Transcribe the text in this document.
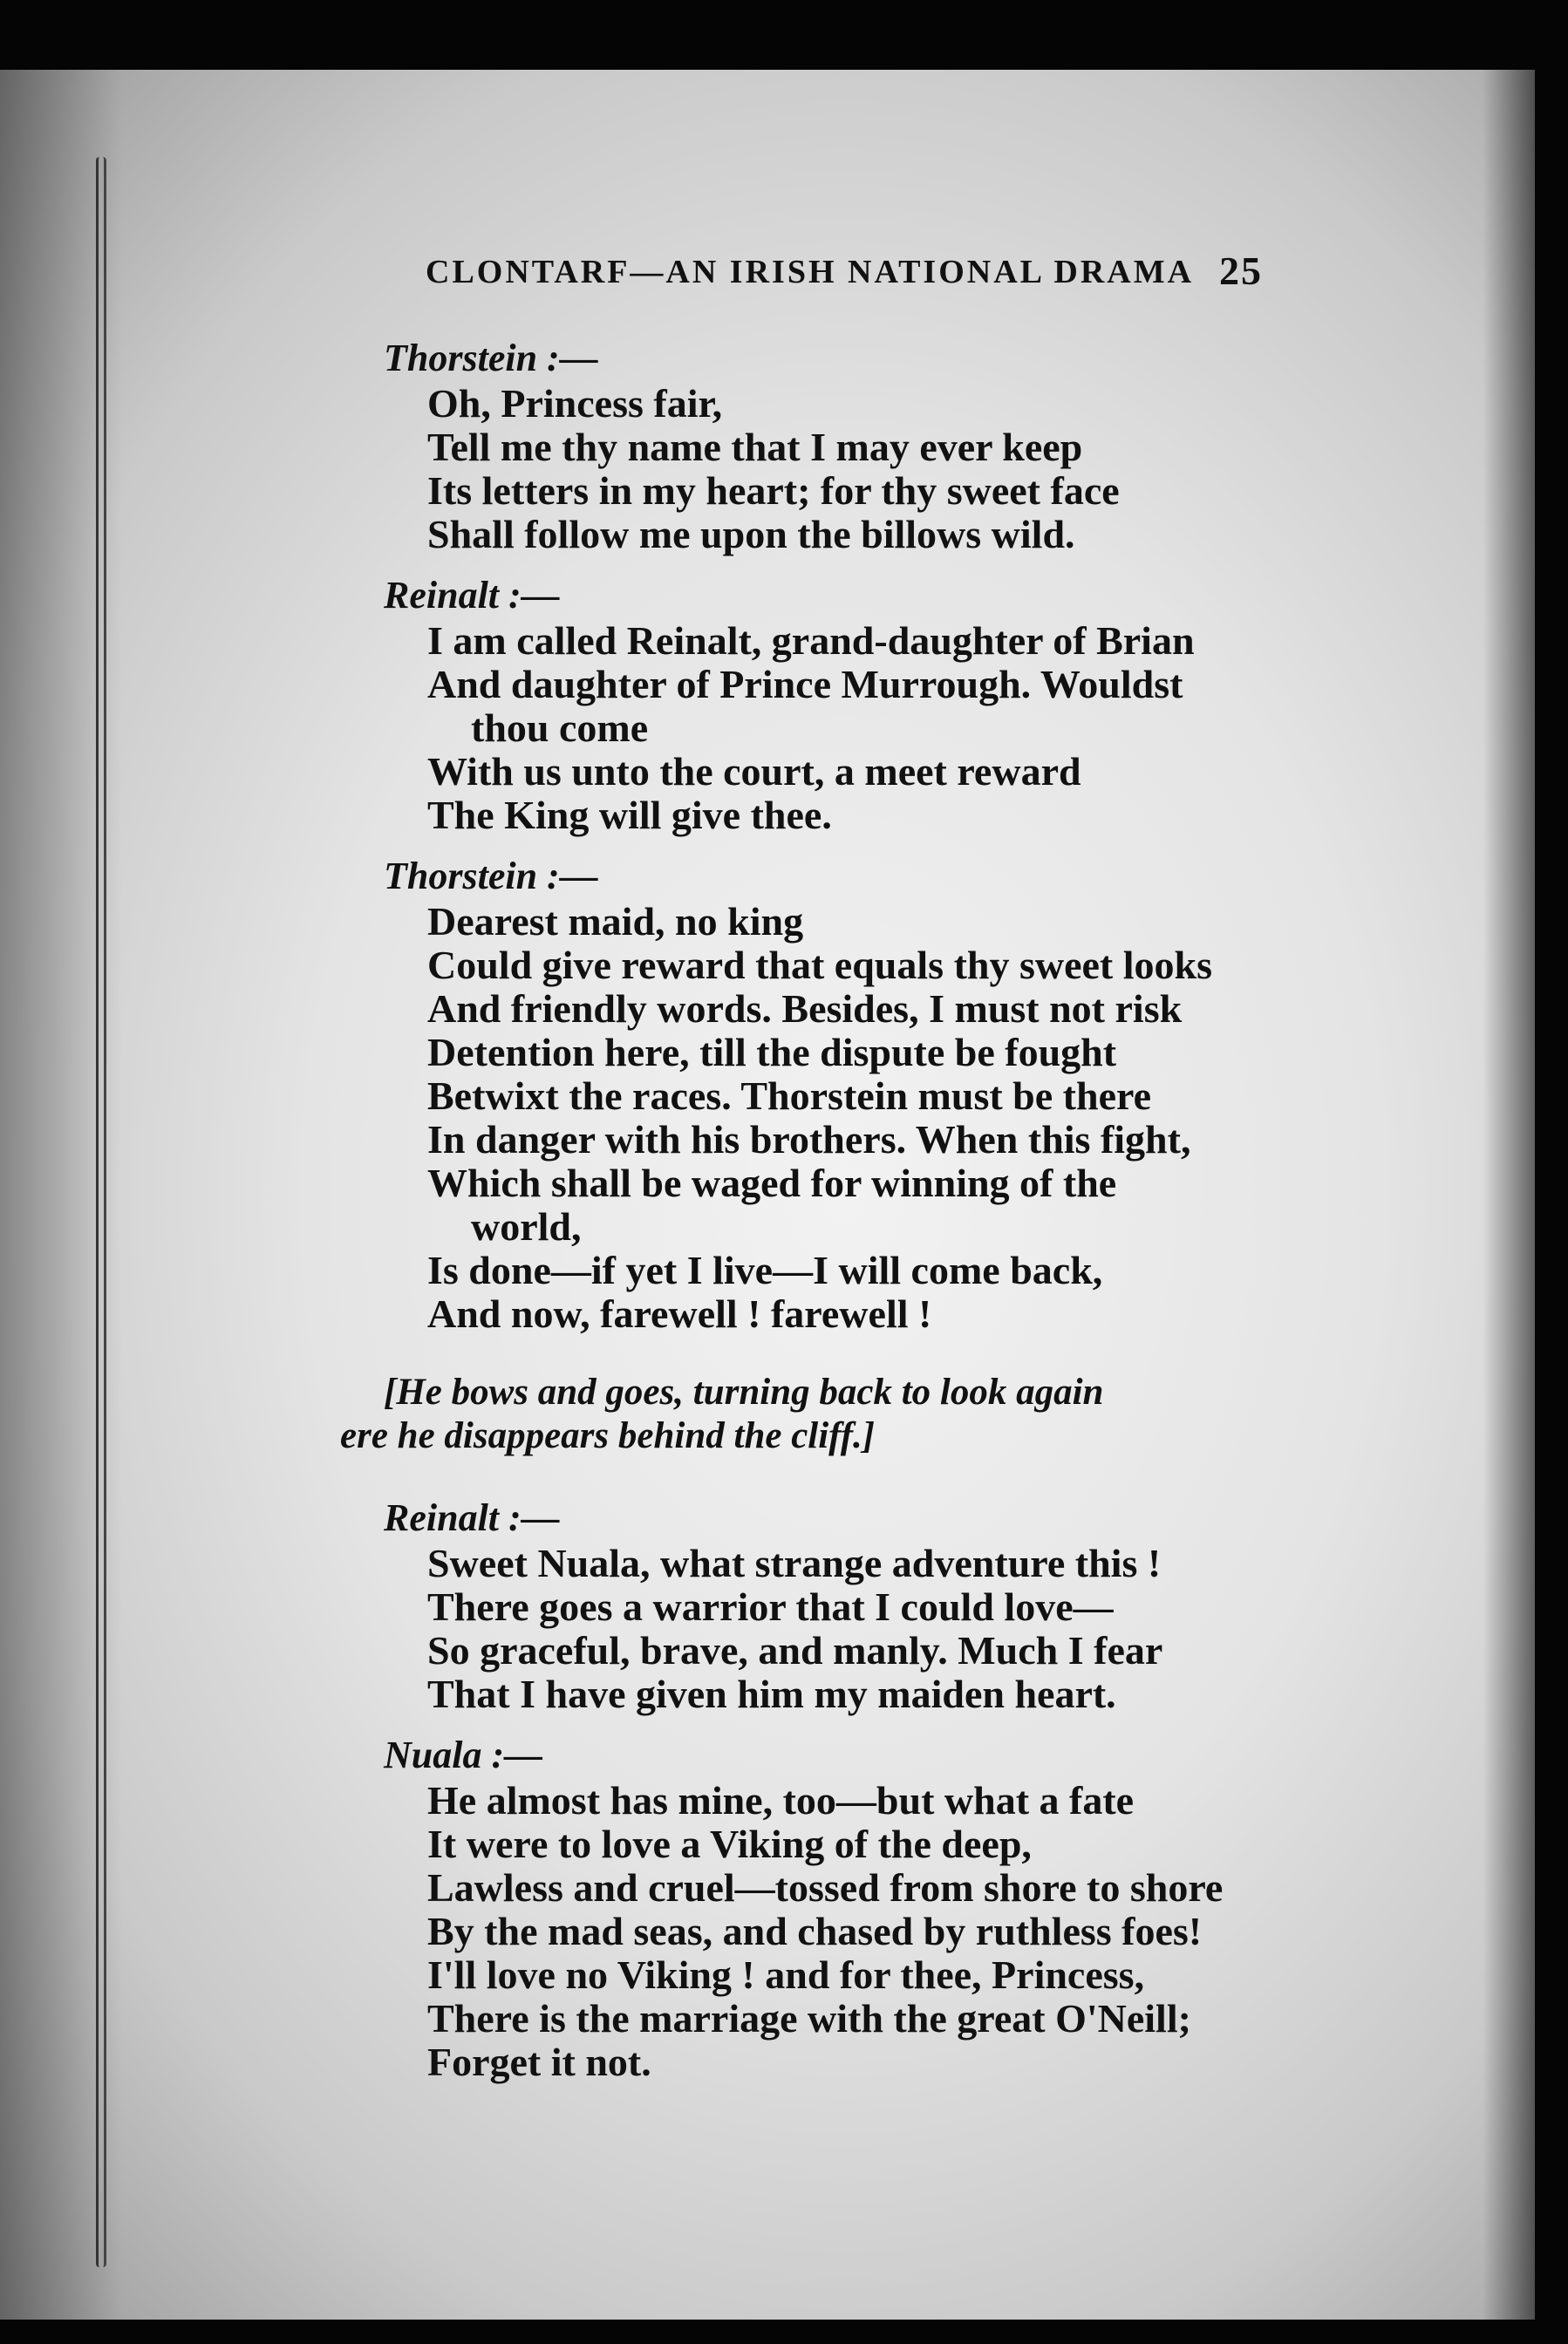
CLONTARF—AN IRISH NATIONAL DRAMA 25
Thorstein :—
Oh, Princess fair,
Tell me thy name that I may ever keep
Its letters in my heart; for thy sweet face
Shall follow me upon the billows wild.
Reinalt :—
I am called Reinalt, grand-daughter of Brian
And daughter of Prince Murrough. Wouldst
thou come
With us unto the court, a meet reward
The King will give thee.
Thorstein :—
Dearest maid, no king
Could give reward that equals thy sweet looks
And friendly words. Besides, I must not risk
Detention here, till the dispute be fought
Betwixt the races. Thorstein must be there
In danger with his brothers. When this fight,
Which shall be waged for winning of the
world,
Is done—if yet I live—I will come back,
And now, farewell ! farewell !
[He bows and goes, turning back to look again
ere he disappears behind the cliff.]
Reinalt :—
Sweet Nuala, what strange adventure this !
There goes a warrior that I could love—
So graceful, brave, and manly. Much I fear
That I have given him my maiden heart.
Nuala :—
He almost has mine, too—but what a fate
It were to love a Viking of the deep,
Lawless and cruel—tossed from shore to shore
By the mad seas, and chased by ruthless foes!
I'll love no Viking ! and for thee, Princess,
There is the marriage with the great O'Neill;
Forget it not.
